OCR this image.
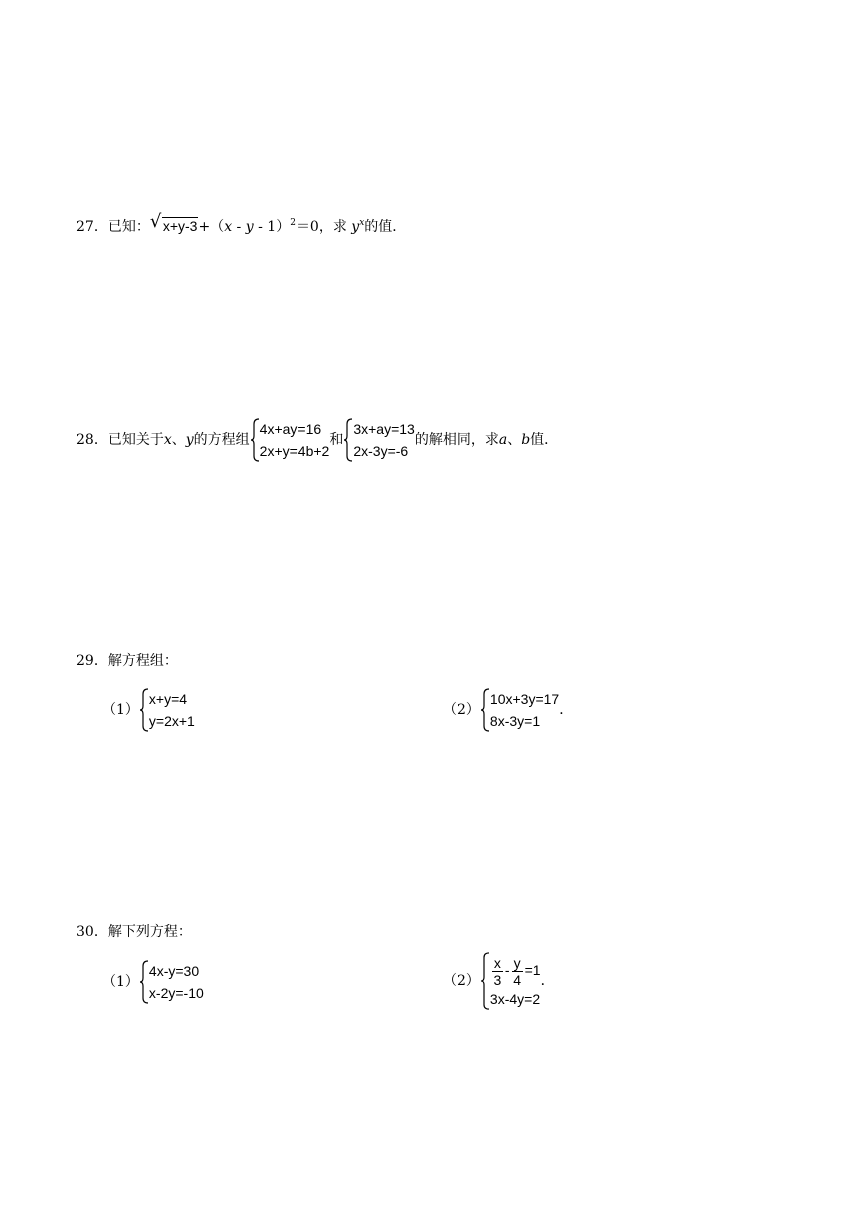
27．已知： √ x+y-3+（x - y - 1）$^2$＝0，求 $y^x$的值．
28．已知关于x、y的方程组
4x+ay=16
2x+y=4b+2
和
3x+ay=13
2x-3y=-6
的解相同，求a、b值．
29．解方程组：
（1）
x+y=4
y=2x+1
（2）
10x+3y=17
8x-3y=1
．
30．解下列方程：
（1）
4x-y=30
x-2y=-10
$(2) \frac{x}{3} - \frac{y}{4} =1$
3x-4y=2
．
